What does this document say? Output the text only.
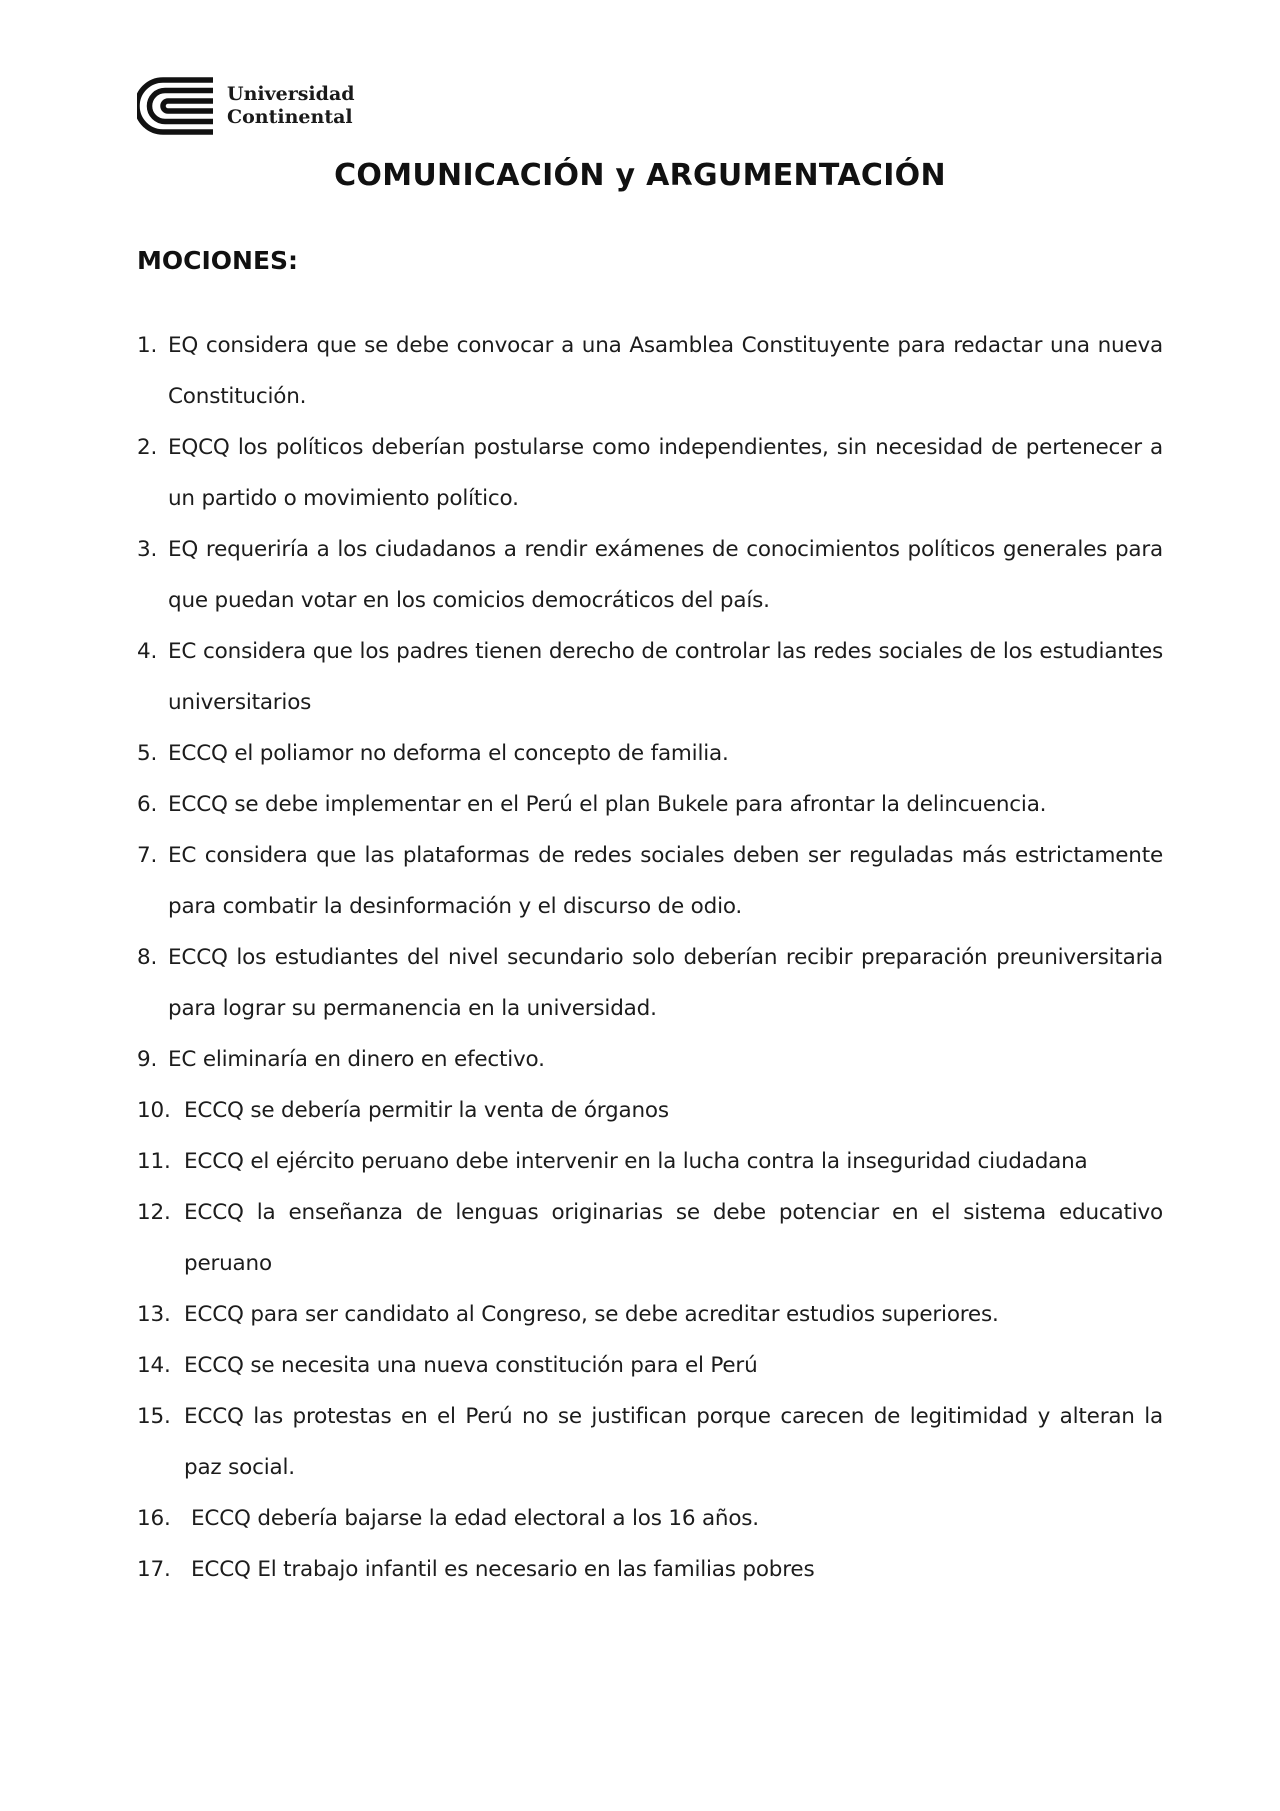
Universidad
Continental
COMUNICACIÓN y ARGUMENTACIÓN
MOCIONES:
1. EQ considera que se debe convocar a una Asamblea Constituyente para redactar una nueva Constitución.
2. EQCQ los políticos deberían postularse como independientes, sin necesidad de pertenecer a un partido o movimiento político.
3. EQ requeriría a los ciudadanos a rendir exámenes de conocimientos políticos generales para que puedan votar en los comicios democráticos del país.
4. EC considera que los padres tienen derecho de controlar las redes sociales de los estudiantes universitarios
5. ECCQ el poliamor no deforma el concepto de familia.
6. ECCQ se debe implementar en el Perú el plan Bukele para afrontar la delincuencia.
7. EC considera que las plataformas de redes sociales deben ser reguladas más estrictamente para combatir la desinformación y el discurso de odio.
8. ECCQ los estudiantes del nivel secundario solo deberían recibir preparación preuniversitaria para lograr su permanencia en la universidad.
9. EC eliminaría en dinero en efectivo.
10. ECCQ se debería permitir la venta de órganos
11. ECCQ el ejército peruano debe intervenir en la lucha contra la inseguridad ciudadana
12. ECCQ la enseñanza de lenguas originarias se debe potenciar en el sistema educativo peruano
13. ECCQ para ser candidato al Congreso, se debe acreditar estudios superiores.
14. ECCQ se necesita una nueva constitución para el Perú
15. ECCQ las protestas en el Perú no se justifican porque carecen de legitimidad y alteran la paz social.
16. ECCQ debería bajarse la edad electoral a los 16 años.
17. ECCQ El trabajo infantil es necesario en las familias pobres
